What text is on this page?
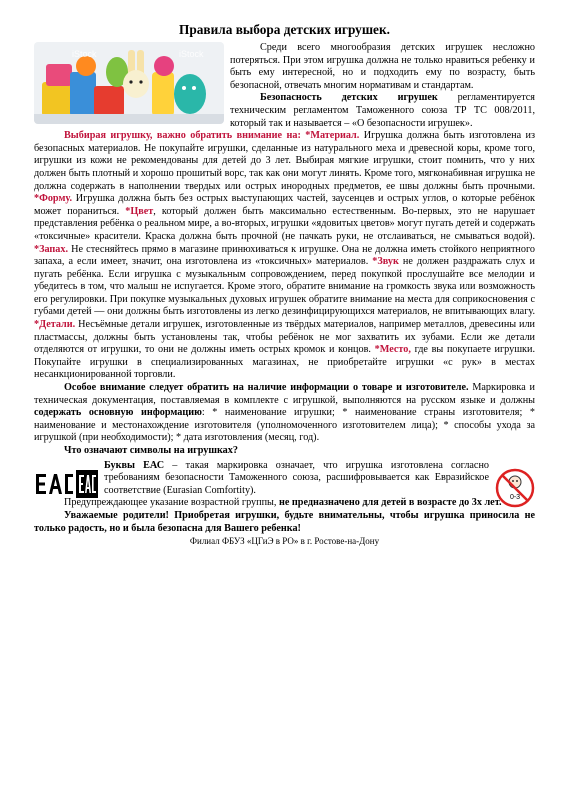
Правила выбора детских игрушек.
iStock	iStock

Среди всего многообразия детских игрушек несложно потеряться. При этом игрушка должна не только нравиться ребенку и быть ему интересной, но и подходить ему по возрасту, быть безопасной, отвечать многим нормативам и стандартам.

Безопасность детских игрушек регламентируется техническим регламентом Таможенного союза ТР ТС 008/2011, который так и называется – «О безопасности игрушек».

Выбирая игрушку, важно обратить внимание на: *Материал. Игрушка должна быть изготовлена из безопасных материалов. Не покупайте игрушки, сделанные из натурального меха и древесной коры, кроме того, игрушки из кожи не рекомендованы для детей до 3 лет. Выбирая мягкие игрушки, стоит помнить, что у них должен быть плотный и хорошо прошитый ворс, так как они могут линять. Кроме того, мягконабивная игрушка не должна содержать в наполнении твердых или острых инородных предметов, ее швы должны быть прочными. *Форму. Игрушка должна быть без острых выступающих частей, заусенцев и острых углов, о которые ребёнок может пораниться. *Цвет, который должен быть максимально естественным. Во-первых, это не нарушает представления ребёнка о реальном мире, а во-вторых, игрушки «ядовитых цветов» могут пугать детей и содержать «токсичные» красители. Краска должна быть прочной (не пачкать руки, не отслаиваться, не смываться водой). *Запах. Не стесняйтесь прямо в магазине принюхиваться к игрушке. Она не должна иметь стойкого неприятного запаха, а если имеет, значит, она изготовлена из «токсичных» материалов. *Звук не должен раздражать слух и пугать ребёнка. Если игрушка с музыкальным сопровождением, перед покупкой прослушайте все мелодии и убедитесь в том, что малыш не испугается. Кроме этого, обратите внимание на громкость звука или возможность его регулировки. При покупке музыкальных духовых игрушек обратите внимание на места для соприкосновения с губами детей — они должны быть изготовлены из легко дезинфицирующихся материалов, не впитывающих влагу. *Детали. Несъёмные детали игрушек, изготовленные из твёрдых материалов, например металлов, древесины или пластмассы, должны быть установлены так, чтобы ребёнок не мог захватить их зубами. Если же детали отделяются от игрушки, то они не должны иметь острых кромок и концов. *Место, где вы покупаете игрушки. Покупайте игрушки в специализированных магазинах, не приобретайте игрушки «с рук» в местах несанкционированной торговли.

Особое внимание следует обратить на наличие информации о товаре и изготовителе. Маркировка и техническая документация, поставляемая в комплекте с игрушкой, выполняются на русском языке и должны содержать основную информацию: * наименование игрушки; * наименование страны изготовителя; * наименование и местонахождение изготовителя (уполномоченного изготовителем лица); * способы ухода за игрушкой (при необходимости); * дата изготовления (месяц, год).

Что означают символы на игрушках?

Буквы ЕАС – такая маркировка означает, что игрушка изготовлена согласно требованиям безопасности Таможенного союза, расшифровывается как Евразийское соответствие (Eurasian Comfortity).

0-3

Предупреждающее указание возрастной группы, не предназначено для детей в возрасте до 3х лет.

Уважаемые родители! Приобретая игрушки, будьте внимательны, чтобы игрушка приносила не только радость, но и была безопасна для Вашего ребенка!

Филиал ФБУЗ «ЦГиЭ в РО» в г. Ростове-на-Дону
